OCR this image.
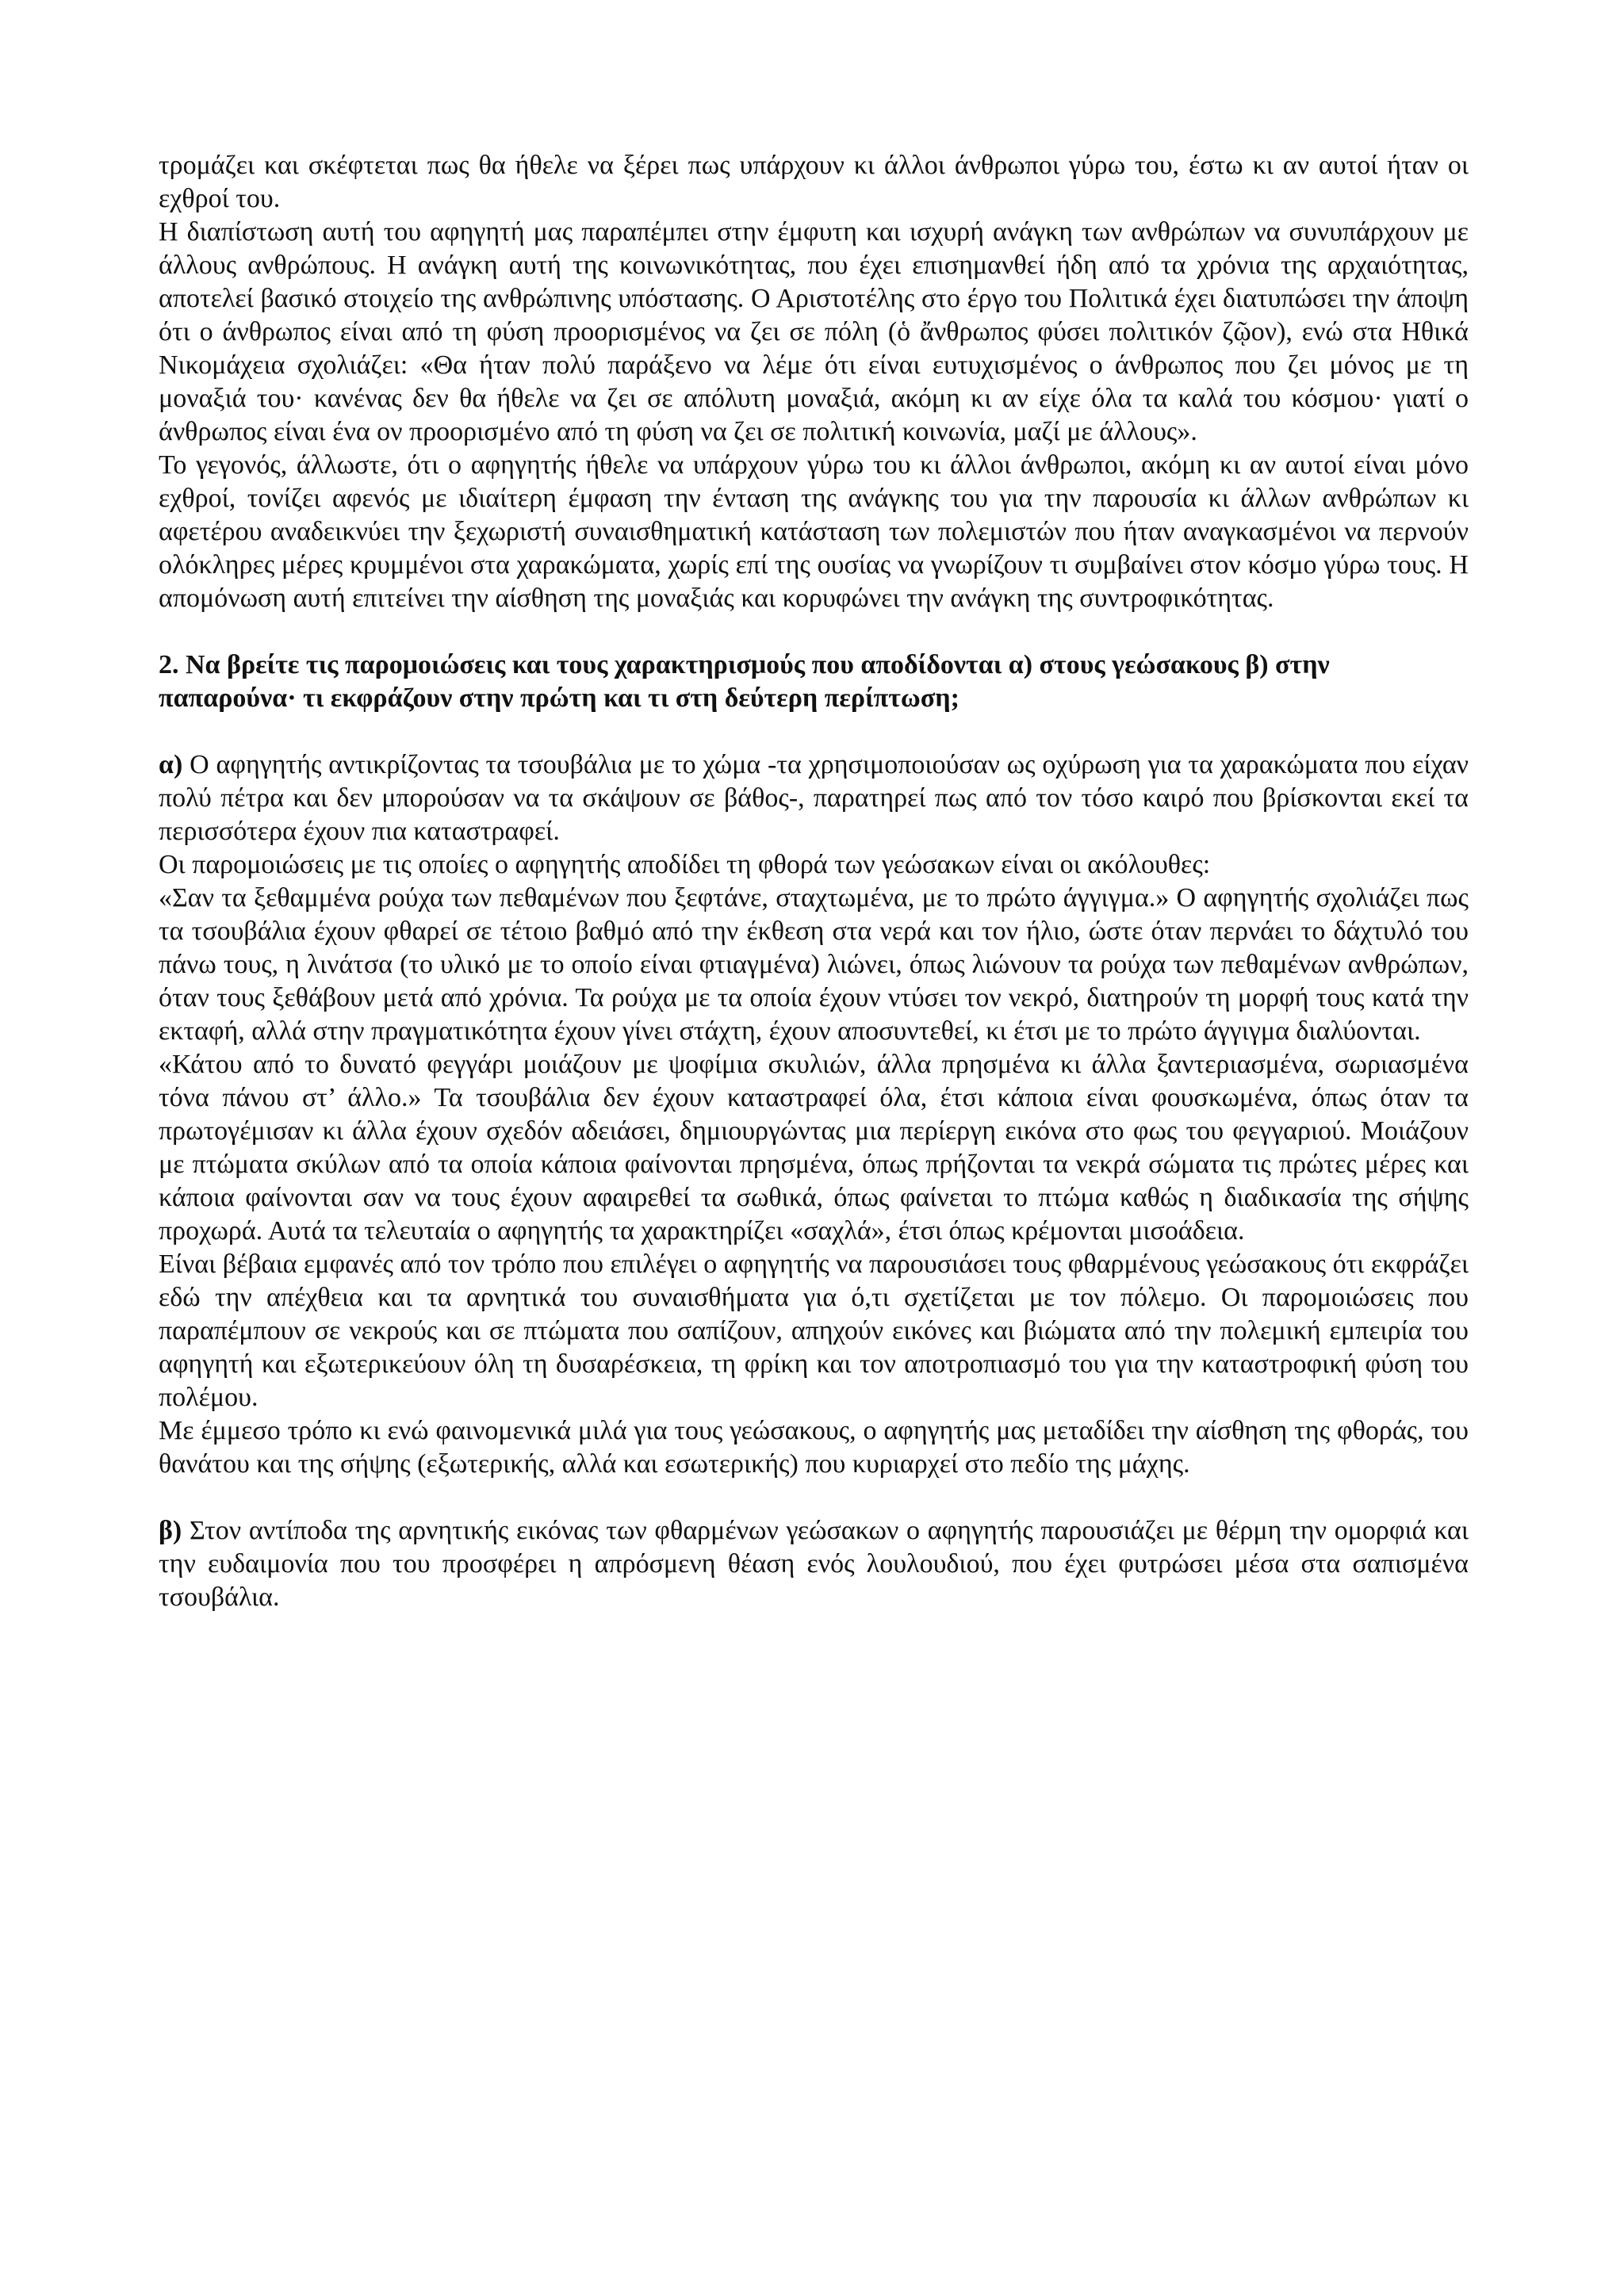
τρομάζει και σκέφτεται πως θα ήθελε να ξέρει πως υπάρχουν κι άλλοι άνθρωποι γύρω του, έστω κι αν αυτοί ήταν οι εχθροί του.

Η διαπίστωση αυτή του αφηγητή μας παραπέμπει στην έμφυτη και ισχυρή ανάγκη των ανθρώπων να συνυπάρχουν με άλλους ανθρώπους. Η ανάγκη αυτή της κοινωνικότητας, που έχει επισημανθεί ήδη από τα χρόνια της αρχαιότητας, αποτελεί βασικό στοιχείο της ανθρώπινης υπόστασης. Ο Αριστοτέλης στο έργο του Πολιτικά έχει διατυπώσει την άποψη ότι ο άνθρωπος είναι από τη φύση προορισμένος να ζει σε πόλη (ὁ ἄνθρωπος φύσει πολιτικόν ζῷον), ενώ στα Ηθικά Νικομάχεια σχολιάζει: «Θα ήταν πολύ παράξενο να λέμε ότι είναι ευτυχισμένος ο άνθρωπος που ζει μόνος με τη μοναξιά του· κανένας δεν θα ήθελε να ζει σε απόλυτη μοναξιά, ακόμη κι αν είχε όλα τα καλά του κόσμου· γιατί ο άνθρωπος είναι ένα ον προορισμένο από τη φύση να ζει σε πολιτική κοινωνία, μαζί με άλλους».

Το γεγονός, άλλωστε, ότι ο αφηγητής ήθελε να υπάρχουν γύρω του κι άλλοι άνθρωποι, ακόμη κι αν αυτοί είναι μόνο εχθροί, τονίζει αφενός με ιδιαίτερη έμφαση την ένταση της ανάγκης του για την παρουσία κι άλλων ανθρώπων κι αφετέρου αναδεικνύει την ξεχωριστή συναισθηματική κατάσταση των πολεμιστών που ήταν αναγκασμένοι να περνούν ολόκληρες μέρες κρυμμένοι στα χαρακώματα, χωρίς επί της ουσίας να γνωρίζουν τι συμβαίνει στον κόσμο γύρω τους. Η απομόνωση αυτή επιτείνει την αίσθηση της μοναξιάς και κορυφώνει την ανάγκη της συντροφικότητας.

2. Να βρείτε τις παρομοιώσεις και τους χαρακτηρισμούς που αποδίδονται α) στους γεώσακους β) στην παπαρούνα· τι εκφράζουν στην πρώτη και τι στη δεύτερη περίπτωση;

α) Ο αφηγητής αντικρίζοντας τα τσουβάλια με το χώμα -τα χρησιμοποιούσαν ως οχύρωση για τα χαρακώματα που είχαν πολύ πέτρα και δεν μπορούσαν να τα σκάψουν σε βάθος-, παρατηρεί πως από τον τόσο καιρό που βρίσκονται εκεί τα περισσότερα έχουν πια καταστραφεί.

Οι παρομοιώσεις με τις οποίες ο αφηγητής αποδίδει τη φθορά των γεώσακων είναι οι ακόλουθες:

«Σαν τα ξεθαμμένα ρούχα των πεθαμένων που ξεφτάνε, σταχτωμένα, με το πρώτο άγγιγμα.» Ο αφηγητής σχολιάζει πως τα τσουβάλια έχουν φθαρεί σε τέτοιο βαθμό από την έκθεση στα νερά και τον ήλιο, ώστε όταν περνάει το δάχτυλό του πάνω τους, η λινάτσα (το υλικό με το οποίο είναι φτιαγμένα) λιώνει, όπως λιώνουν τα ρούχα των πεθαμένων ανθρώπων, όταν τους ξεθάβουν μετά από χρόνια. Τα ρούχα με τα οποία έχουν ντύσει τον νεκρό, διατηρούν τη μορφή τους κατά την εκταφή, αλλά στην πραγματικότητα έχουν γίνει στάχτη, έχουν αποσυντεθεί, κι έτσι με το πρώτο άγγιγμα διαλύονται.

«Κάτου από το δυνατό φεγγάρι μοιάζουν με ψοφίμια σκυλιών, άλλα πρησμένα κι άλλα ξαντεριασμένα, σωριασμένα τόνα πάνου στ’ άλλο.» Τα τσουβάλια δεν έχουν καταστραφεί όλα, έτσι κάποια είναι φουσκωμένα, όπως όταν τα πρωτογέμισαν κι άλλα έχουν σχεδόν αδειάσει, δημιουργώντας μια περίεργη εικόνα στο φως του φεγγαριού. Μοιάζουν με πτώματα σκύλων από τα οποία κάποια φαίνονται πρησμένα, όπως πρήζονται τα νεκρά σώματα τις πρώτες μέρες και κάποια φαίνονται σαν να τους έχουν αφαιρεθεί τα σωθικά, όπως φαίνεται το πτώμα καθώς η διαδικασία της σήψης προχωρά. Αυτά τα τελευταία ο αφηγητής τα χαρακτηρίζει «σαχλά», έτσι όπως κρέμονται μισοάδεια.

Είναι βέβαια εμφανές από τον τρόπο που επιλέγει ο αφηγητής να παρουσιάσει τους φθαρμένους γεώσακους ότι εκφράζει εδώ την απέχθεια και τα αρνητικά του συναισθήματα για ό,τι σχετίζεται με τον πόλεμο. Οι παρομοιώσεις που παραπέμπουν σε νεκρούς και σε πτώματα που σαπίζουν, απηχούν εικόνες και βιώματα από την πολεμική εμπειρία του αφηγητή και εξωτερικεύουν όλη τη δυσαρέσκεια, τη φρίκη και τον αποτροπιασμό του για την καταστροφική φύση του πολέμου.

Με έμμεσο τρόπο κι ενώ φαινομενικά μιλά για τους γεώσακους, ο αφηγητής μας μεταδίδει την αίσθηση της φθοράς, του θανάτου και της σήψης (εξωτερικής, αλλά και εσωτερικής) που κυριαρχεί στο πεδίο της μάχης.

β) Στον αντίποδα της αρνητικής εικόνας των φθαρμένων γεώσακων ο αφηγητής παρουσιάζει με θέρμη την ομορφιά και την ευδαιμονία που του προσφέρει η απρόσμενη θέαση ενός λουλουδιού, που έχει φυτρώσει μέσα στα σαπισμένα τσουβάλια.
